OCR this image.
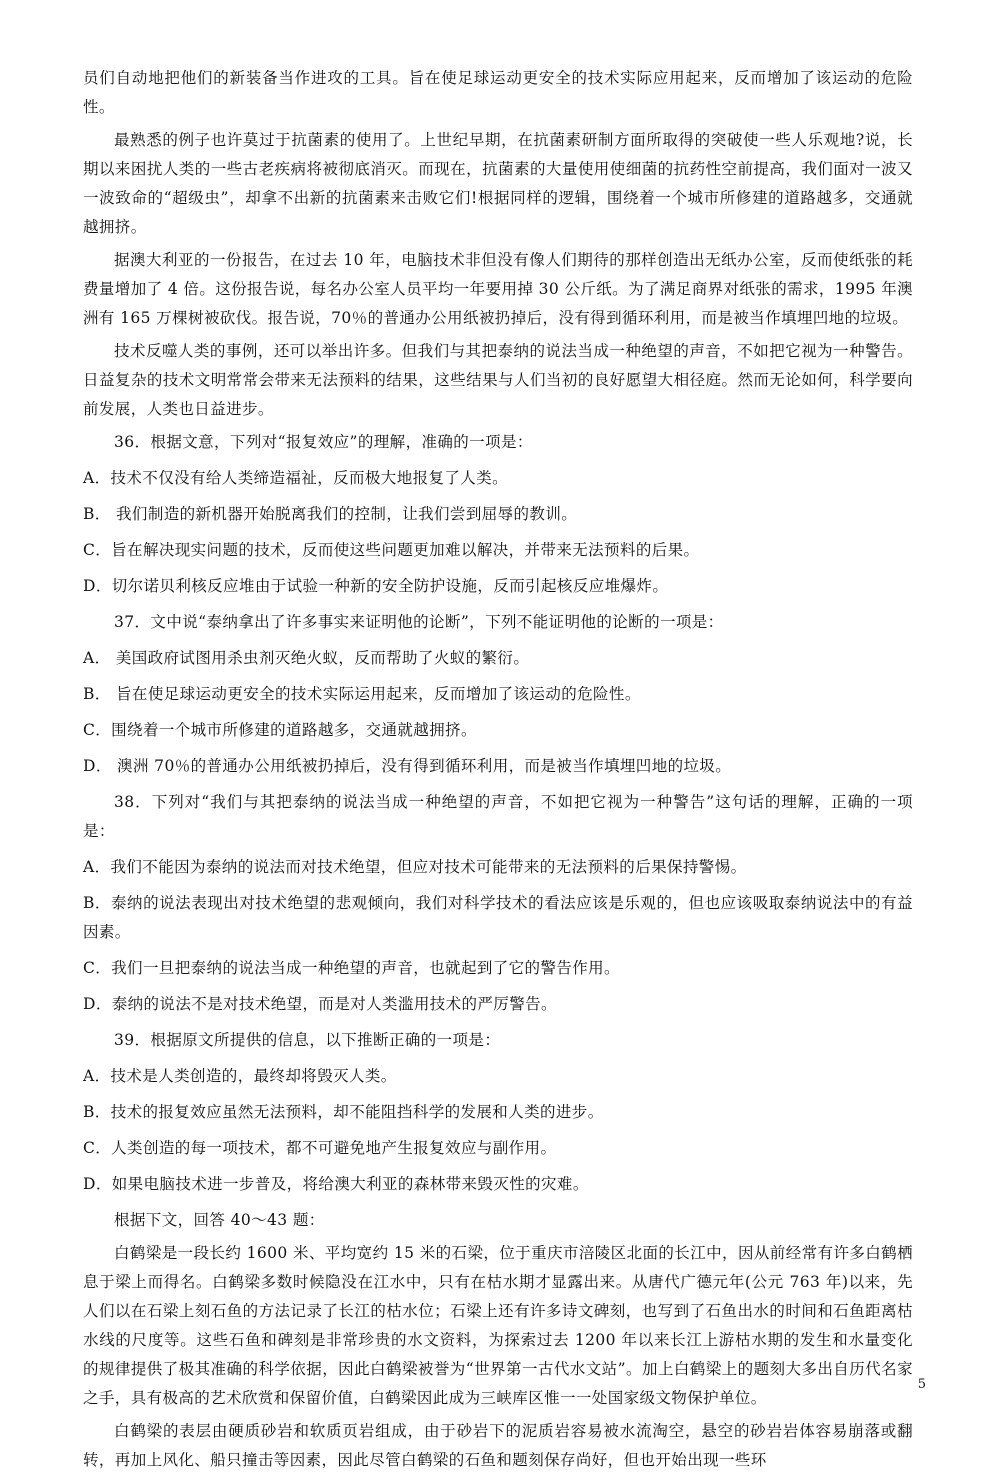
员们自动地把他们的新装备当作进攻的工具。旨在使足球运动更安全的技术实际应用起来，反而增加了该运动的危险性。

最熟悉的例子也许莫过于抗菌素的使用了。上世纪早期，在抗菌素研制方面所取得的突破使一些人乐观地?说，长期以来困扰人类的一些古老疾病将被彻底消灭。而现在，抗菌素的大量使用使细菌的抗药性空前提高，我们面对一波又一波致命的“超级虫”，却拿不出新的抗菌素来击败它们!根据同样的逻辑，围绕着一个城市所修建的道路越多，交通就越拥挤。

据澳大利亚的一份报告，在过去 10 年，电脑技术非但没有像人们期待的那样创造出无纸办公室，反而使纸张的耗费量增加了 4 倍。这份报告说，每名办公室人员平均一年要用掉 30 公斤纸。为了满足商界对纸张的需求，1995 年澳洲有 165 万棵树被砍伐。报告说，70％的普通办公用纸被扔掉后，没有得到循环利用，而是被当作填埋凹地的垃圾。

技术反噬人类的事例，还可以举出许多。但我们与其把泰纳的说法当成一种绝望的声音，不如把它视为一种警告。日益复杂的技术文明常常会带来无法预料的结果，这些结果与人们当初的良好愿望大相径庭。然而无论如何，科学要向前发展，人类也日益进步。

36．根据文意，下列对“报复效应”的理解，准确的一项是：

A．技术不仅没有给人类缔造福祉，反而极大地报复了人类。

B． 我们制造的新机器开始脱离我们的控制，让我们尝到屈辱的教训。

C．旨在解决现实问题的技术，反而使这些问题更加难以解决，并带来无法预料的后果。

D．切尔诺贝利核反应堆由于试验一种新的安全防护设施，反而引起核反应堆爆炸。

37．文中说“泰纳拿出了许多事实来证明他的论断”，下列不能证明他的论断的一项是：

A． 美国政府试图用杀虫剂灭绝火蚁，反而帮助了火蚁的繁衍。

B． 旨在使足球运动更安全的技术实际运用起来，反而增加了该运动的危险性。

C．围绕着一个城市所修建的道路越多，交通就越拥挤。

D． 澳洲 70％的普通办公用纸被扔掉后，没有得到循环利用，而是被当作填埋凹地的垃圾。

38．下列对“我们与其把泰纳的说法当成一种绝望的声音，不如把它视为一种警告”这句话的理解，正确的一项是：

A．我们不能因为泰纳的说法而对技术绝望，但应对技术可能带来的无法预料的后果保持警惕。

B．泰纳的说法表现出对技术绝望的悲观倾向，我们对科学技术的看法应该是乐观的，但也应该吸取泰纳说法中的有益因素。

C．我们一旦把泰纳的说法当成一种绝望的声音，也就起到了它的警告作用。

D．泰纳的说法不是对技术绝望，而是对人类滥用技术的严厉警告。

39．根据原文所提供的信息，以下推断正确的一项是：

A．技术是人类创造的，最终却将毁灭人类。

B．技术的报复效应虽然无法预料，却不能阻挡科学的发展和人类的进步。

C．人类创造的每一项技术，都不可避免地产生报复效应与副作用。

D．如果电脑技术进一步普及，将给澳大利亚的森林带来毁灭性的灾难。

根据下文，回答 40～43 题：

白鹤梁是一段长约 1600 米、平均宽约 15 米的石梁，位于重庆市涪陵区北面的长江中，因从前经常有许多白鹤栖息于梁上而得名。白鹤梁多数时候隐没在江水中，只有在枯水期才显露出来。从唐代广德元年(公元 763 年)以来，先人们以在石梁上刻石鱼的方法记录了长江的枯水位；石梁上还有许多诗文碑刻，也写到了石鱼出水的时间和石鱼距离枯水线的尺度等。这些石鱼和碑刻是非常珍贵的水文资料，为探索过去 1200 年以来长江上游枯水期的发生和水量变化的规律提供了极其准确的科学依据，因此白鹤梁被誉为“世界第一古代水文站”。加上白鹤梁上的题刻大多出自历代名家之手，具有极高的艺术欣赏和保留价值，白鹤梁因此成为三峡库区惟一一处国家级文物保护单位。

白鹤梁的表层由硬质砂岩和软质页岩组成，由于砂岩下的泥质岩容易被水流淘空，悬空的砂岩岩体容易崩落或翻转，再加上风化、船只撞击等因素，因此尽管白鹤梁的石鱼和题刻保存尚好，但也开始出现一些环

5
